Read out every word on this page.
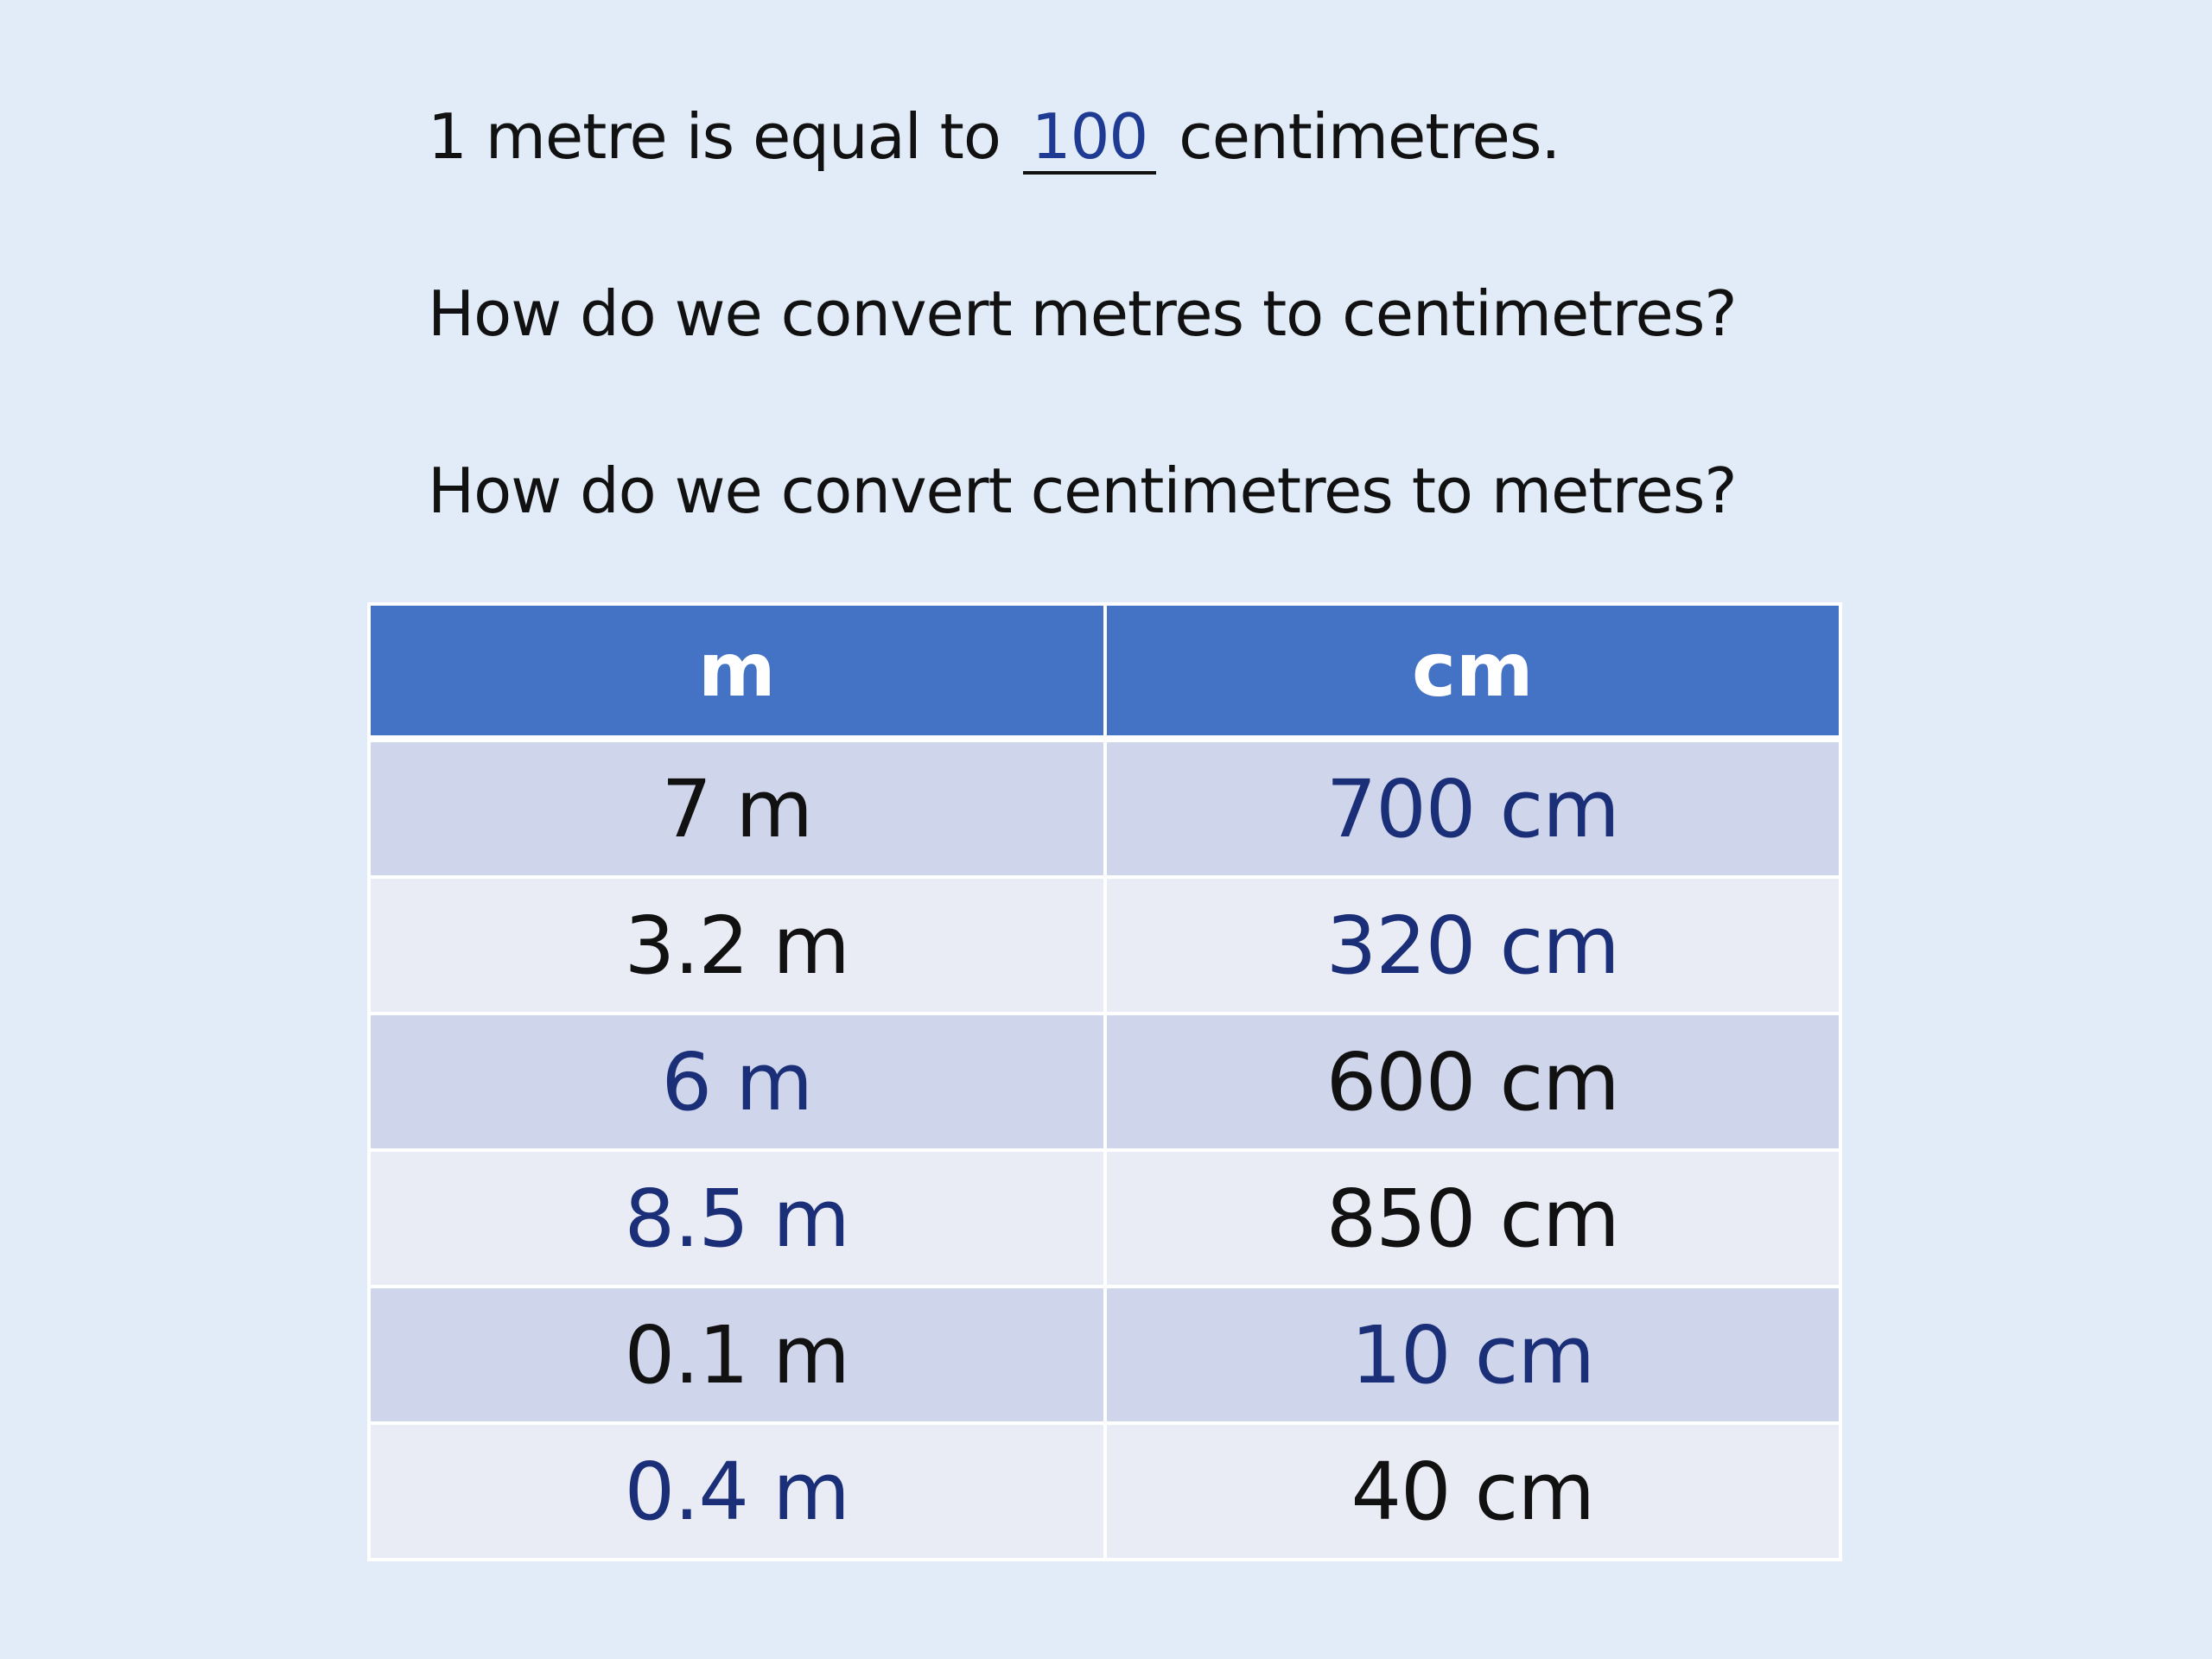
1 metre is equal to 100 centimetres.
How do we convert metres to centimetres?
How do we convert centimetres to metres?
m	cm
7 m	700 cm
3.2 m	320 cm
6 m	600 cm
8.5 m	850 cm
0.1 m	10 cm
0.4 m	40 cm
